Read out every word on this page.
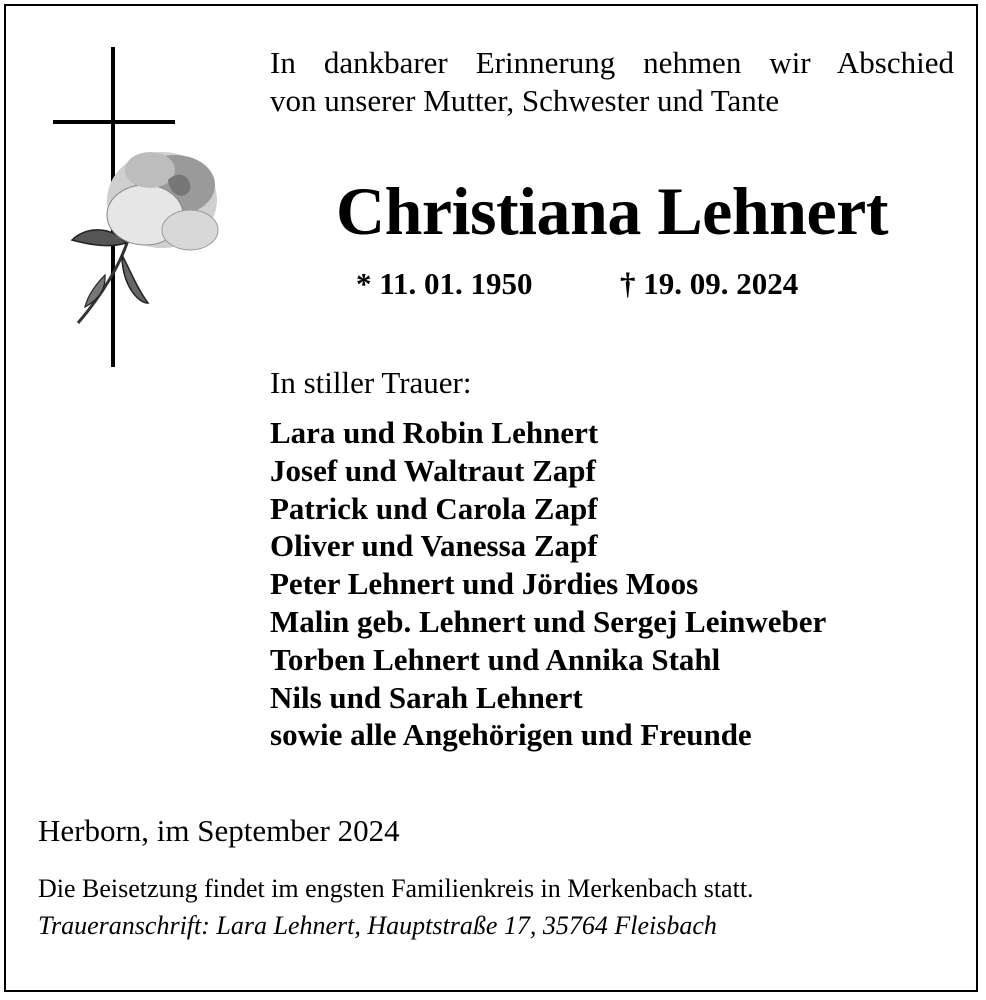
In dankbarer Erinnerung nehmen wir Abschied
von unserer Mutter, Schwester und Tante
Christiana Lehnert
* 11. 01. 1950	† 19. 09. 2024
In stiller Trauer:
Lara und Robin Lehnert
Josef und Waltraut Zapf
Patrick und Carola Zapf
Oliver und Vanessa Zapf
Peter Lehnert und Jördies Moos
Malin geb. Lehnert und Sergej Leinweber
Torben Lehnert und Annika Stahl
Nils und Sarah Lehnert
sowie alle Angehörigen und Freunde
Herborn, im September 2024
Die Beisetzung findet im engsten Familienkreis in Merkenbach statt.
Traueranschrift: Lara Lehnert, Hauptstraße 17, 35764 Fleisbach
